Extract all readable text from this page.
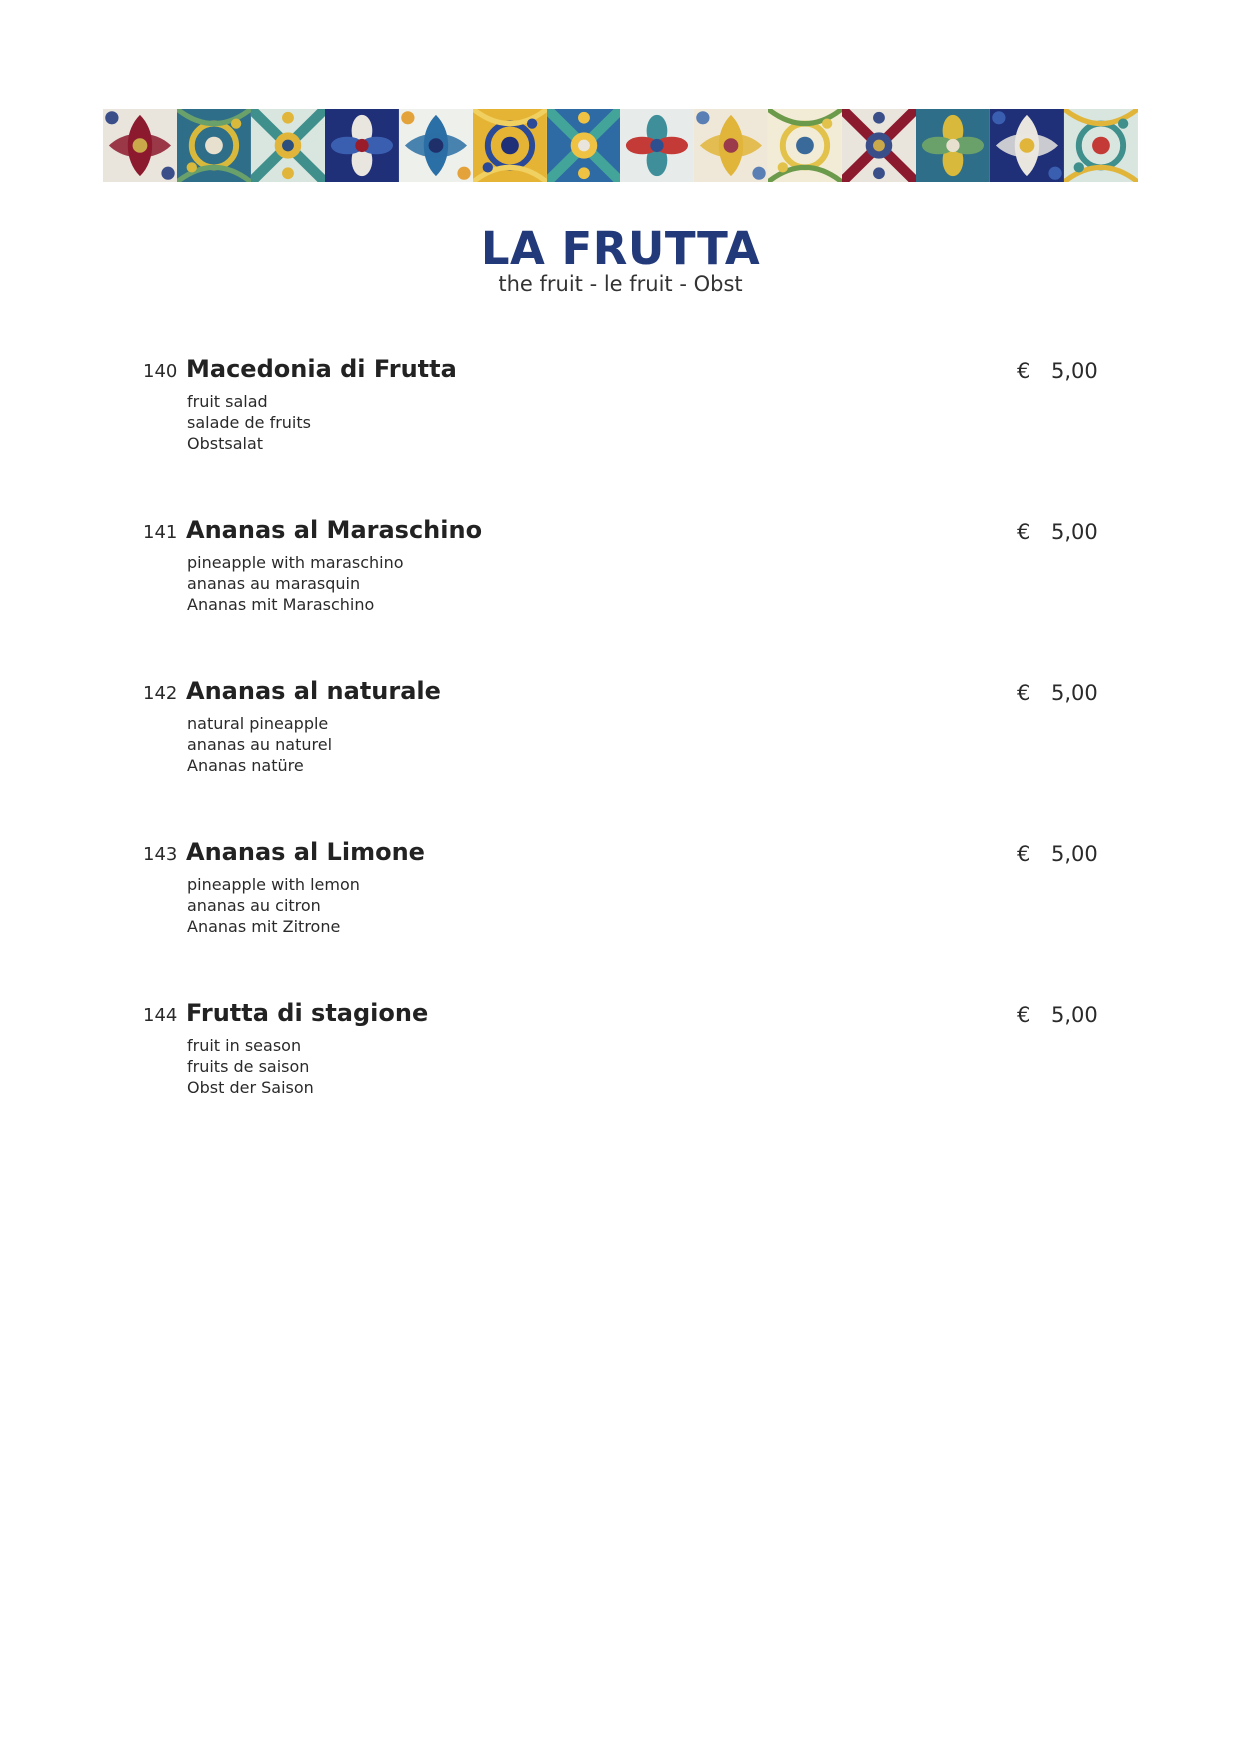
LA FRUTTA

the fruit - le fruit - Obst

140 Macedonia di Frutta
fruit salad
salade de fruits
Obstsalat
€ 5,00
141 Ananas al Maraschino
pineapple with maraschino
ananas au marasquin
Ananas mit Maraschino
€ 5,00
142 Ananas al naturale
natural pineapple
ananas au naturel
Ananas natüre
€ 5,00
143 Ananas al Limone
pineapple with lemon
ananas au citron
Ananas mit Zitrone
€ 5,00
144 Frutta di stagione
fruit in season
fruits de saison
Obst der Saison
€ 5,00
